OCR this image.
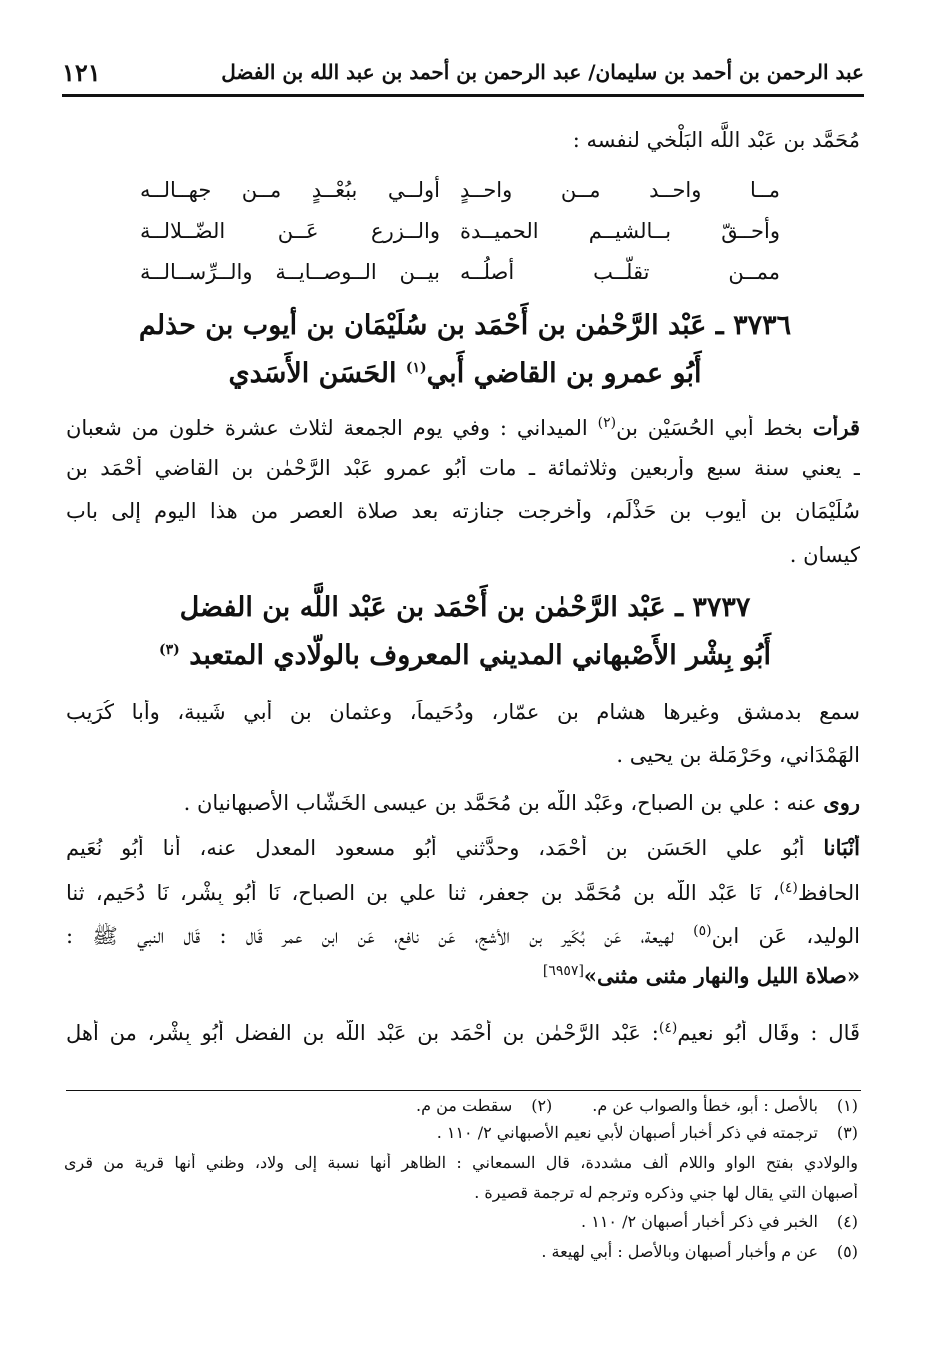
عبد الرحمن بن أحمد بن سليمان/ عبد الرحمن بن أحمد بن عبد الله بن الفضل
١٢١
مُحَمَّد بن عَبْد اللَّه البَلْخي لنفسه :
مــا واحــد مــن واحــدٍ
أولــي ببُعْــدٍ مــن جهــالــه
وأحــقّ بــالشيــم الحميــدة
والــزرع عَــن الضّــلالــة
ممــن تقلّــب أصلُــه
بيــن الــوصــايــة والــرِّســالــة
٣٧٣٦ ـ عَبْد الرَّحْمٰن بن أَحْمَد بن سُلَيْمَان بن أيوب بن حذلم
أَبُو عمرو بن القاضي أَبي$^{(١)}$ الحَسَن الأَسَدي
قرأت بخط أَبي الحُسَيْن بن$^{(٢)}$ الميداني : وفي يوم الجمعة لثلاث عشرة خلون من شعبان
ـ يعني سنة سبع وأربعين وثلاثمائة ـ مات أَبُو عمرو عَبْد الرَّحْمٰن بن القاضي أَحْمَد بن
سُلَيْمَان بن أيوب بن حَذْلَم، وأخرجت جنازته بعد صلاة العصر من هذا اليوم إلى باب
كيسان .
٣٧٣٧ ـ عَبْد الرَّحْمٰن بن أَحْمَد بن عَبْد اللَّه بن الفضل
أَبُو بِشْر الأَصْبهاني المديني المعروف بالولّادي المتعبد $^{(٣)}$
سمع بدمشق وغيرها هشام بن عمّار، ودُحَيماً، وعثمان بن أَبي شَيبة، وأبا كُرَيب
الهَمْدَاني، وحَرْمَلة بن يحيى .
روى عنه : علي بن الصباح، وعَبْد اللَّه بن مُحَمَّد بن عيسى الخَشّاب الأصبهانيان .
أَنْبَانا أَبُو علي الحَسَن بن أَحْمَد، وحدَّثني أَبُو مسعود المعدل عنه، أنا أَبُو نُعَيم
الحافظ$^{(٤)}$، نَا عَبْد اللَّه بن مُحَمَّد بن جعفر، ثنا علي بن الصباح، نَا أَبُو بِشْر، نَا دُحَيم، ثنا
الوليد، عَن ابن$^{(٥)}$ لهيعة، عَن بُكَير بن الأشج، عَن نافع، عَن ابن عمر قَال : قَال النبي ﷺ :
«صلاة الليل والنهار مثنى مثنى»[٦٩٥٧]
قَال : وقَال أَبُو نعيم$^{(٤)}$: عَبْد الرَّحْمٰن بن أَحْمَد بن عَبْد اللَّه بن الفضل أَبُو بِشْر، من أهل
(١)بالأصل : أبو، خطأ والصواب عن م.(٢)سقطت من م.
(٣)ترجمته في ذكر أخبار أصبهان لأبي نعيم الأصبهاني ٢/ ١١٠ .
والولادي بفتح الواو واللام ألف مشددة، قال السمعاني : الظاهر أنها نسبة إلى ولاد، وظني أنها قرية من قرى
أصبهان التي يقال لها جني وذكره وترجم له ترجمة قصيرة .
(٤)الخبر في ذكر أخبار أصبهان ٢/ ١١٠ .
(٥)عن م وأخبار أصبهان وبالأصل : أبي لهيعة .
